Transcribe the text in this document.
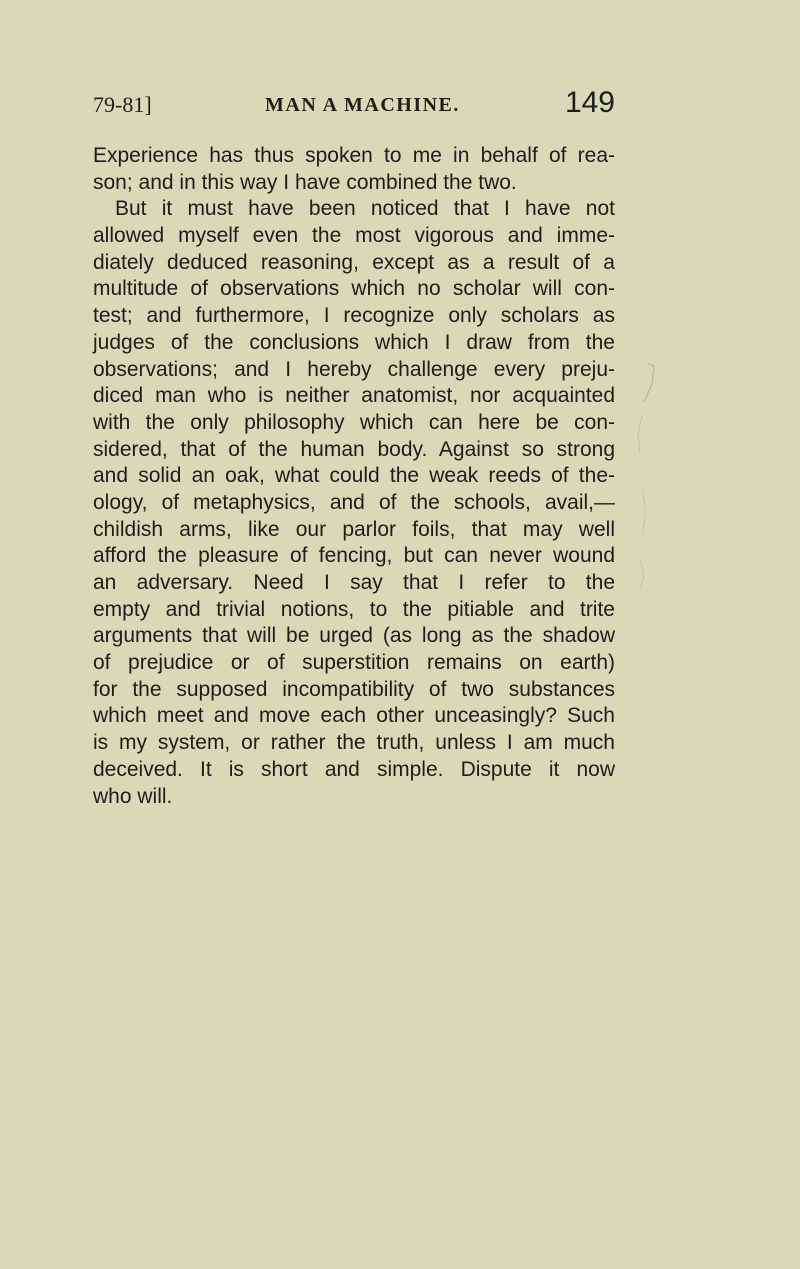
79-81]	MAN A MACHINE.	149
Experience has thus spoken to me in behalf of rea-
son; and in this way I have combined the two.
But it must have been noticed that I have not
allowed myself even the most vigorous and imme-
diately deduced reasoning, except as a result of a
multitude of observations which no scholar will con-
test; and furthermore, I recognize only scholars as
judges of the conclusions which I draw from the
observations; and I hereby challenge every preju-
diced man who is neither anatomist, nor acquainted
with the only philosophy which can here be con-
sidered, that of the human body. Against so strong
and solid an oak, what could the weak reeds of the-
ology, of metaphysics, and of the schools, avail,—
childish arms, like our parlor foils, that may well
afford the pleasure of fencing, but can never wound
an adversary. Need I say that I refer to the
empty and trivial notions, to the pitiable and trite
arguments that will be urged (as long as the shadow
of prejudice or of superstition remains on earth)
for the supposed incompatibility of two substances
which meet and move each other unceasingly? Such
is my system, or rather the truth, unless I am much
deceived. It is short and simple. Dispute it now
who will.
